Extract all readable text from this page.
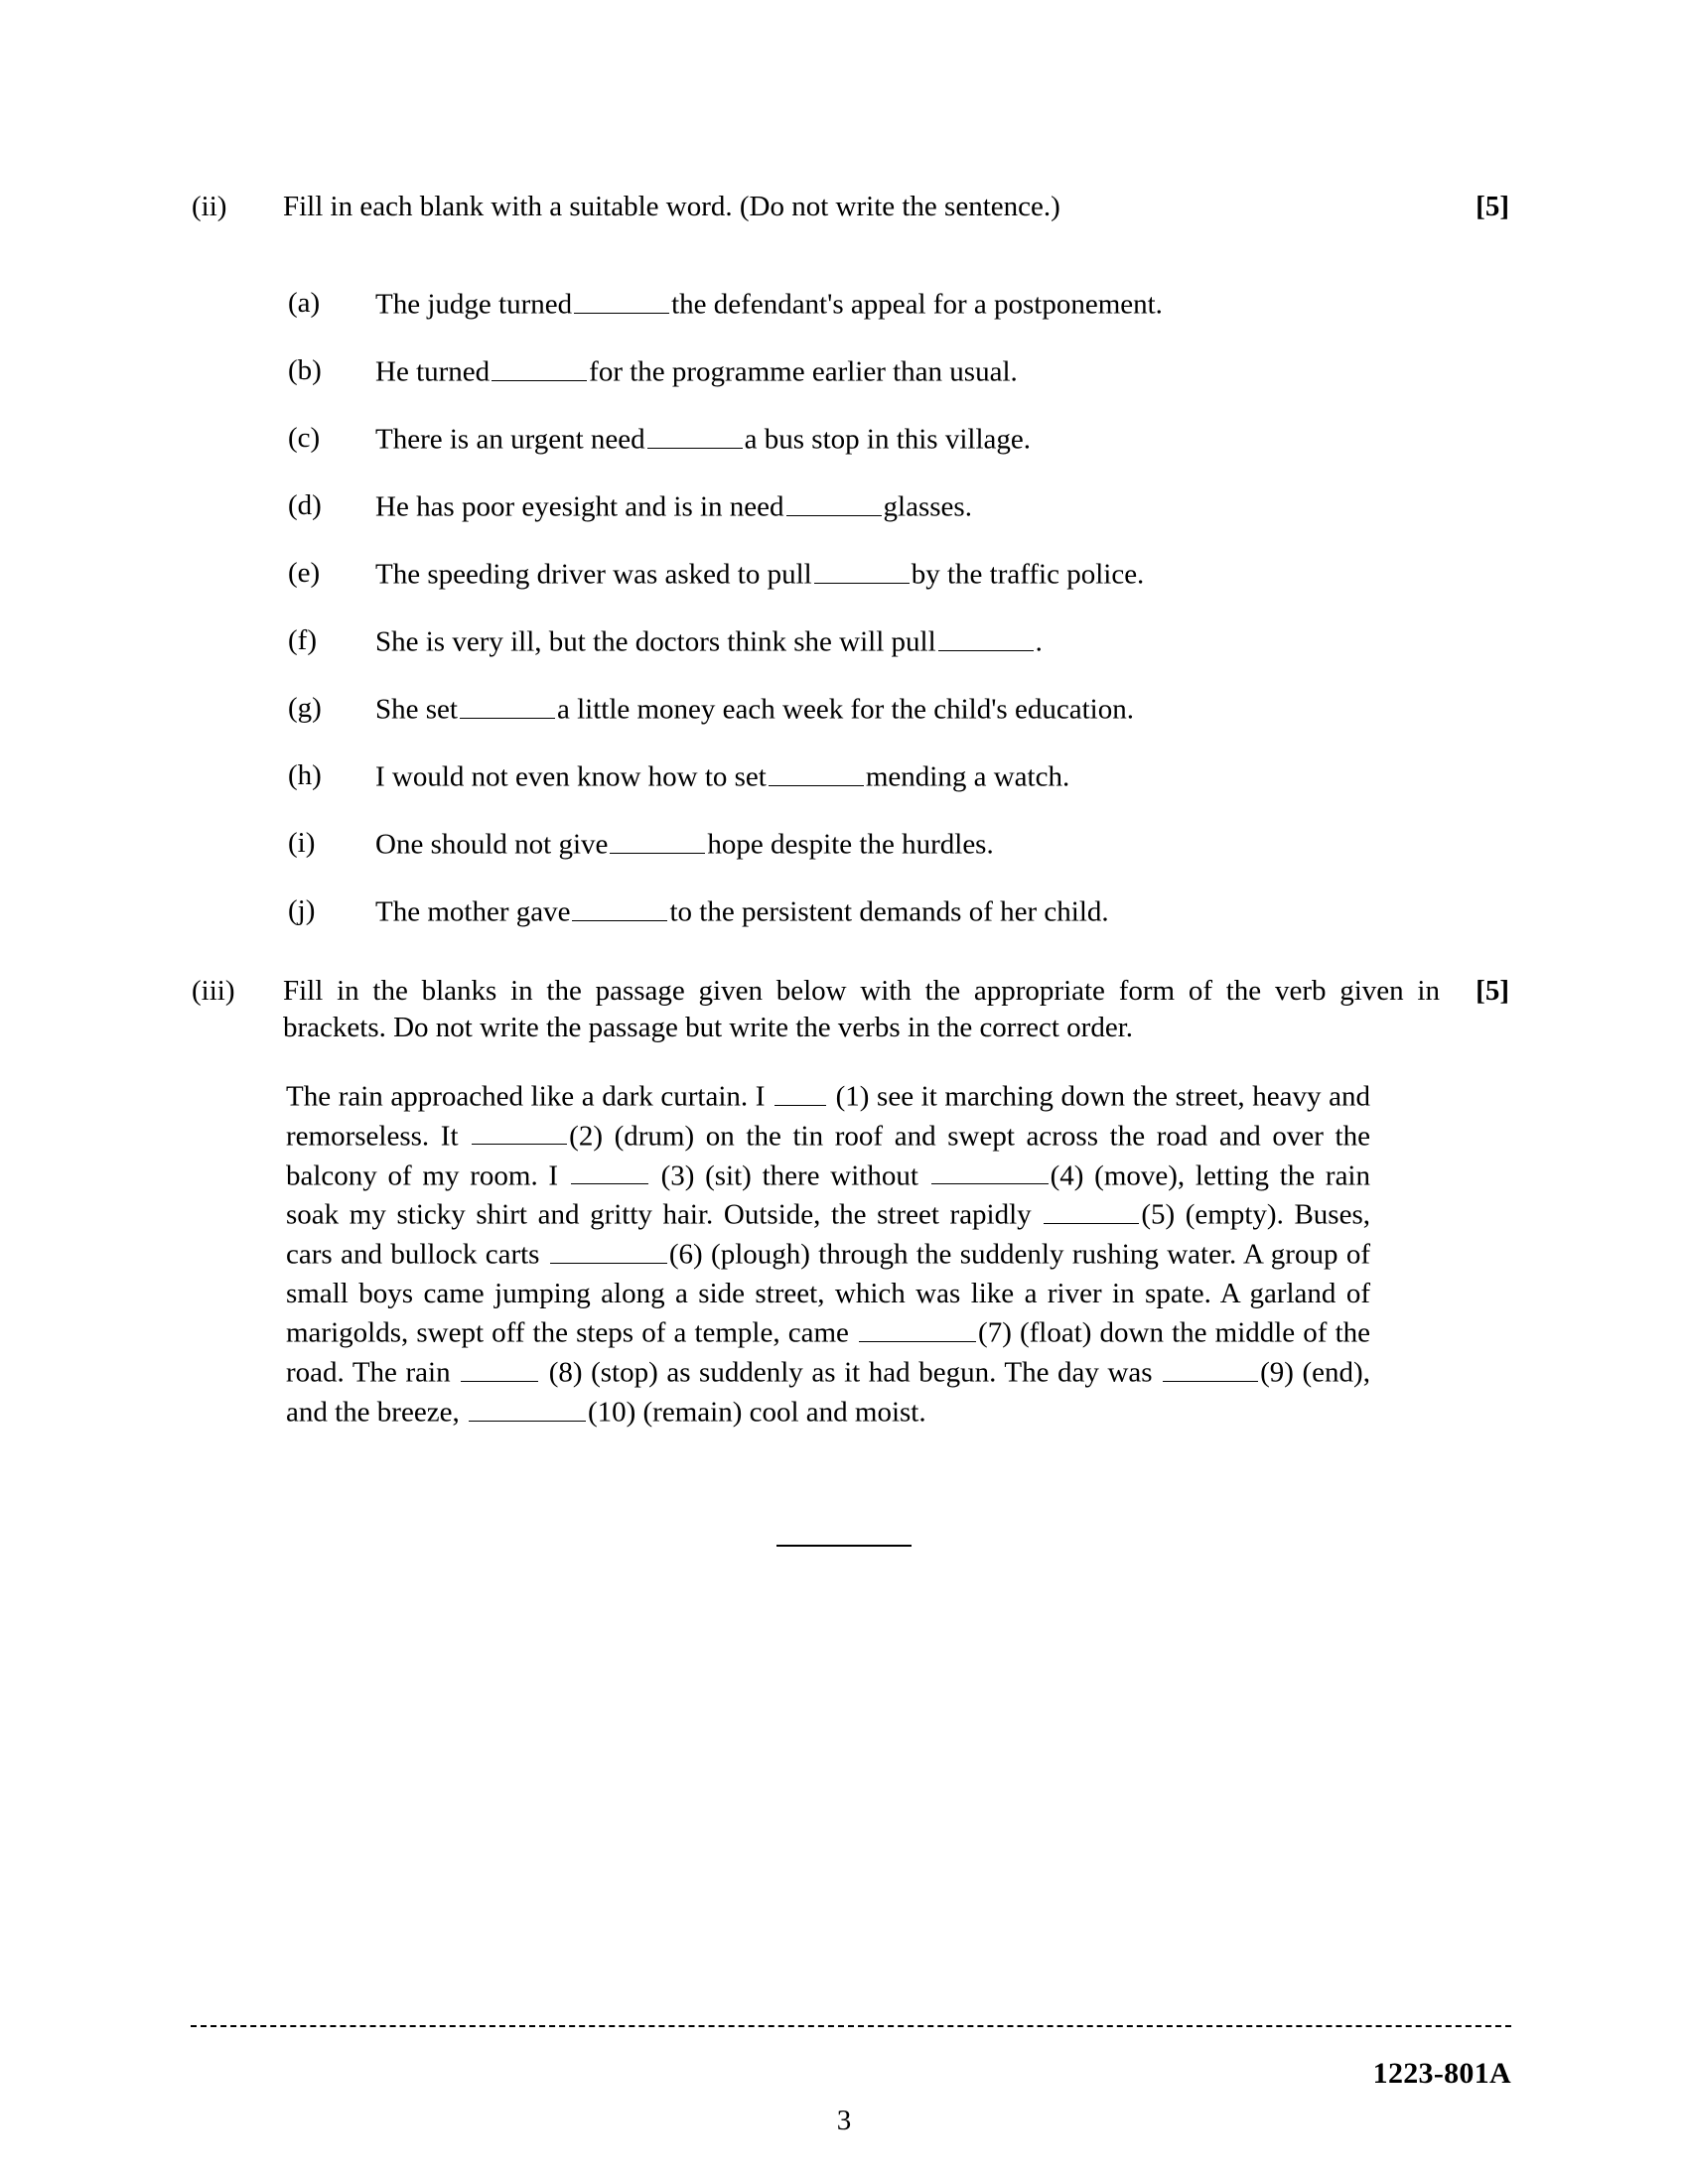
(ii)	Fill in each blank with a suitable word. (Do not write the sentence.)	[5]
(a)	The judge turned	the defendant's appeal for a postponement.
(b)	He turned	for the programme earlier than usual.
(c)	There is an urgent need	a bus stop in this village.
(d)	He has poor eyesight and is in need	glasses.
(e)	The speeding driver was asked to pull	by the traffic police.
(f)	She is very ill, but the doctors think she will pull	.
(g)	She set	a little money each week for the child's education.
(h)	I would not even know how to set	mending a watch.
(i)	One should not give	hope despite the hurdles.
(j)	The mother gave	to the persistent demands of her child.
(iii)	Fill in the blanks in the passage given below with the appropriate form of the verb given in brackets. Do not write the passage but write the verbs in the correct order.
[5]

The rain approached like a dark curtain. I  (1) see it marching down the street, heavy and remorseless. It	(2) (drum) on the tin roof and swept across the road and over the balcony of my room. I	(3) (sit) there without	(4) (move), letting the rain soak my sticky shirt and gritty hair. Outside, the street rapidly	(5) (empty). Buses, cars and bullock carts	(6) (plough) through the suddenly rushing water. A group of small boys came jumping along a side street, which was like a river in spate. A garland of marigolds, swept off the steps of a temple, came	(7) (float) down the middle of the road. The rain	(8) (stop) as suddenly as it had begun. The day was	(9) (end), and the breeze,	(10) (remain) cool and moist.

1223-801A
3
